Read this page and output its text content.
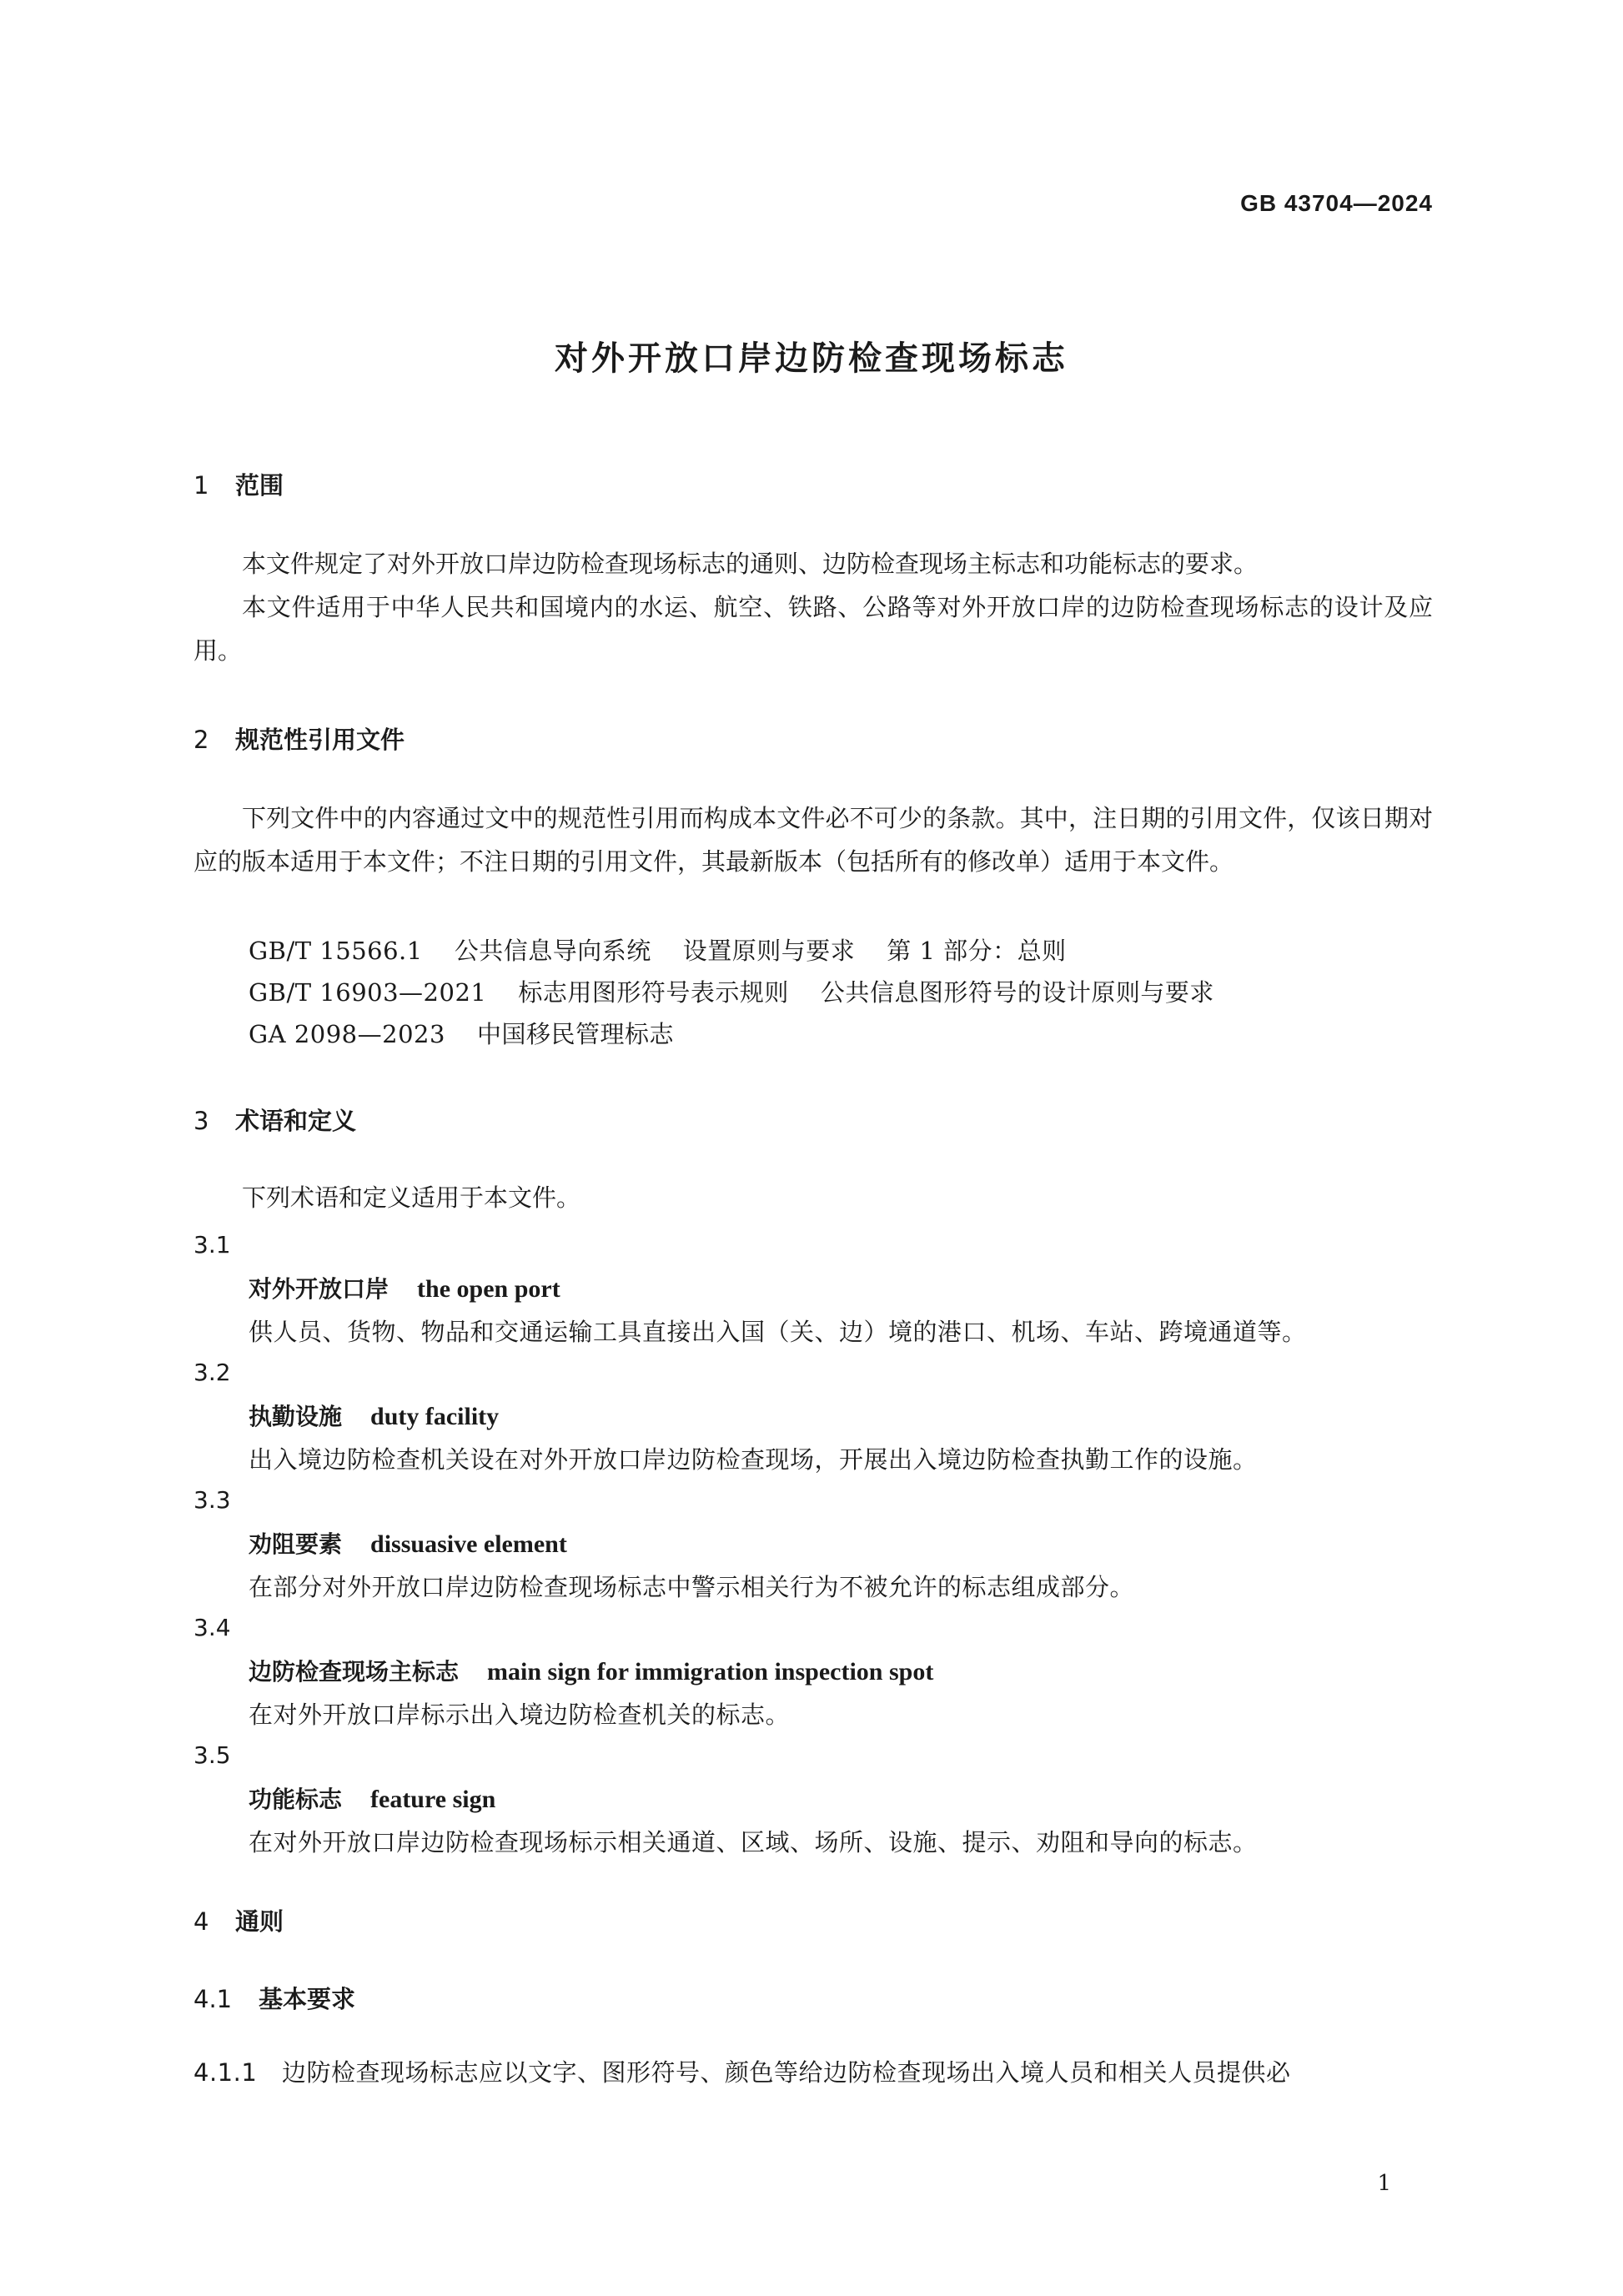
GB 43704—2024
对外开放口岸边防检查现场标志
1 范围
本文件规定了对外开放口岸边防检查现场标志的通则、边防检查现场主标志和功能标志的要求。
本文件适用于中华人民共和国境内的水运、航空、铁路、公路等对外开放口岸的边防检查现场标志的设计及应用。
2 规范性引用文件
下列文件中的内容通过文中的规范性引用而构成本文件必不可少的条款。其中，注日期的引用文件，仅该日期对应的版本适用于本文件；不注日期的引用文件，其最新版本（包括所有的修改单）适用于本文件。
GB/T 15566.1 公共信息导向系统 设置原则与要求 第 1 部分：总则
GB/T 16903—2021 标志用图形符号表示规则 公共信息图形符号的设计原则与要求
GA 2098—2023 中国移民管理标志
3 术语和定义
下列术语和定义适用于本文件。
3.1
对外开放口岸 the open port
供人员、货物、物品和交通运输工具直接出入国（关、边）境的港口、机场、车站、跨境通道等。
3.2
执勤设施 duty facility
出入境边防检查机关设在对外开放口岸边防检查现场，开展出入境边防检查执勤工作的设施。
3.3
劝阻要素 dissuasive element
在部分对外开放口岸边防检查现场标志中警示相关行为不被允许的标志组成部分。
3.4
边防检查现场主标志 main sign for immigration inspection spot
在对外开放口岸标示出入境边防检查机关的标志。
3.5
功能标志 feature sign
在对外开放口岸边防检查现场标示相关通道、区域、场所、设施、提示、劝阻和导向的标志。
4 通则
4.1 基本要求
4.1.1 边防检查现场标志应以文字、图形符号、颜色等给边防检查现场出入境人员和相关人员提供必
1
